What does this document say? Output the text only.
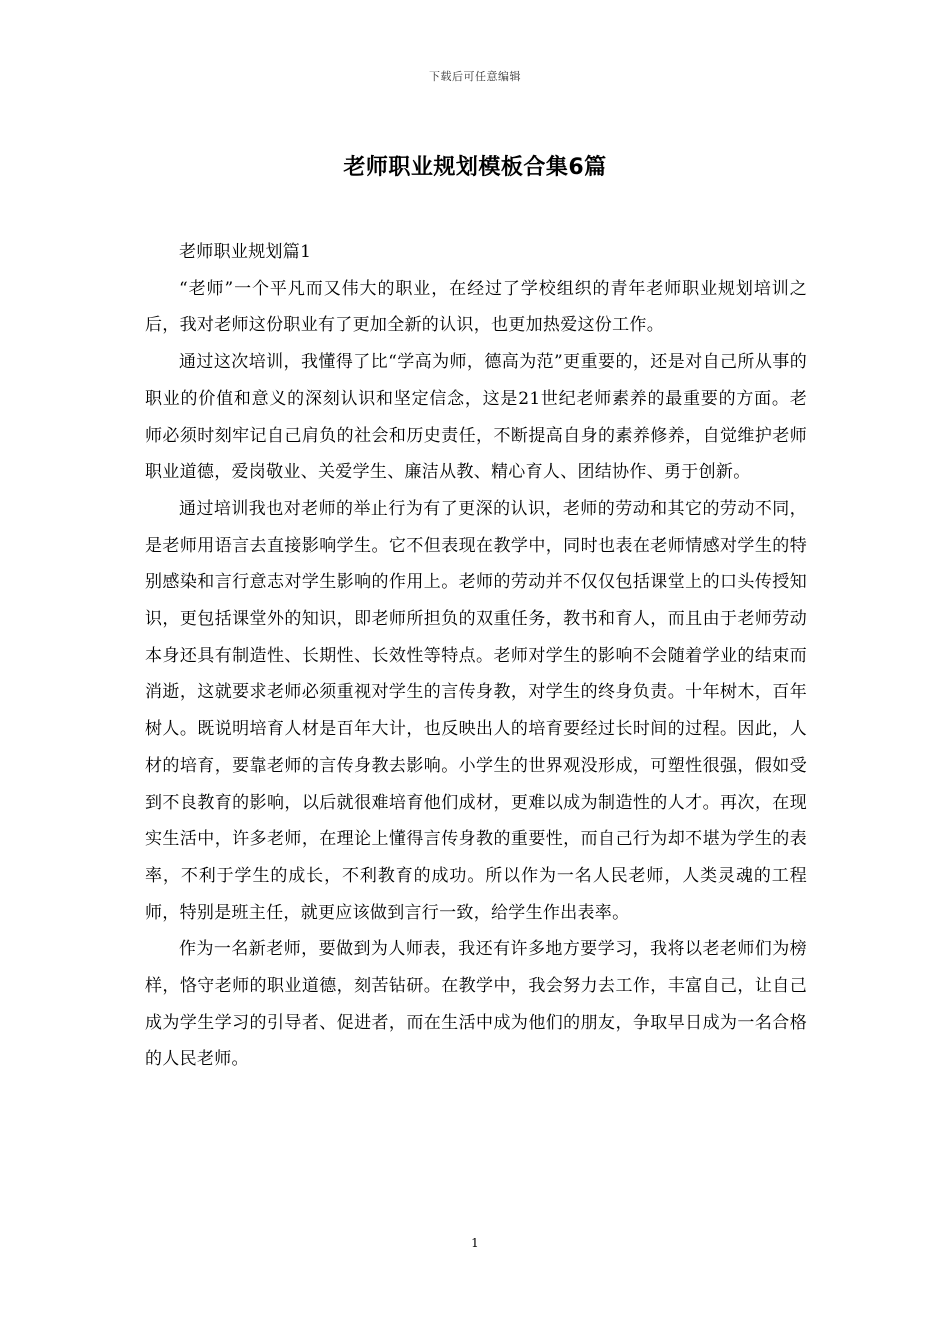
下载后可任意编辑
老师职业规划模板合集6篇

老师职业规划篇1

“老师”一个平凡而又伟大的职业，在经过了学校组织的青年老师职业规划培训之后，我对老师这份职业有了更加全新的认识，也更加热爱这份工作。

通过这次培训，我懂得了比“学高为师，德高为范”更重要的，还是对自己所从事的职业的价值和意义的深刻认识和坚定信念，这是21世纪老师素养的最重要的方面。老师必须时刻牢记自己肩负的社会和历史责任，不断提高自身的素养修养，自觉维护老师职业道德，爱岗敬业、关爱学生、廉洁从教、精心育人、团结协作、勇于创新。

通过培训我也对老师的举止行为有了更深的认识，老师的劳动和其它的劳动不同，是老师用语言去直接影响学生。它不但表现在教学中，同时也表在老师情感对学生的特别感染和言行意志对学生影响的作用上。老师的劳动并不仅仅包括课堂上的口头传授知识，更包括课堂外的知识，即老师所担负的双重任务，教书和育人，而且由于老师劳动本身还具有制造性、长期性、长效性等特点。老师对学生的影响不会随着学业的结束而消逝，这就要求老师必须重视对学生的言传身教，对学生的终身负责。十年树木，百年树人。既说明培育人材是百年大计，也反映出人的培育要经过长时间的过程。因此，人材的培育，要靠老师的言传身教去影响。小学生的世界观没形成，可塑性很强，假如受到不良教育的影响，以后就很难培育他们成材，更难以成为制造性的人才。再次，在现实生活中，许多老师，在理论上懂得言传身教的重要性，而自己行为却不堪为学生的表率，不利于学生的成长，不利教育的成功。所以作为一名人民老师，人类灵魂的工程师，特别是班主任，就更应该做到言行一致，给学生作出表率。

作为一名新老师，要做到为人师表，我还有许多地方要学习，我将以老老师们为榜样，恪守老师的职业道德，刻苦钻研。在教学中，我会努力去工作，丰富自己，让自己成为学生学习的引导者、促进者，而在生活中成为他们的朋友，争取早日成为一名合格的人民老师。

1
